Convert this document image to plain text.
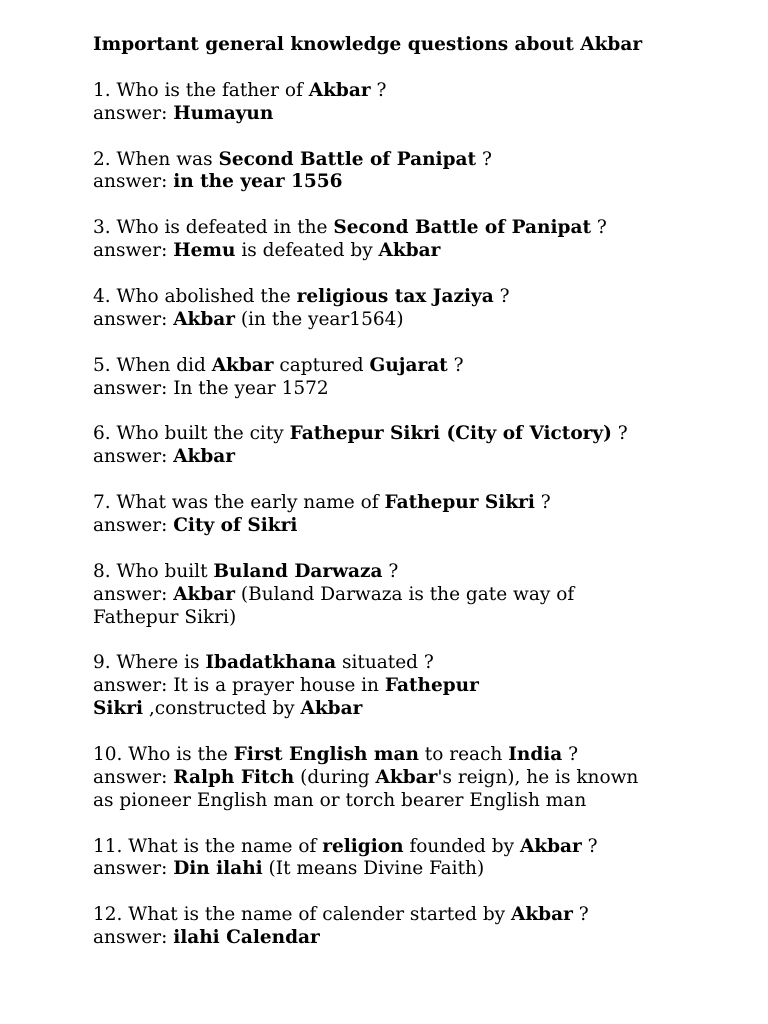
Important general knowledge questions about Akbar
1. Who is the father of Akbar ?
answer: Humayun
2. When was Second Battle of Panipat ?
answer: in the year 1556
3. Who is defeated in the Second Battle of Panipat ?
answer: Hemu is defeated by Akbar
4. Who abolished the religious tax Jaziya ?
answer: Akbar (in the year1564)
5. When did Akbar captured Gujarat ?
answer: In the year 1572
6. Who built the city Fathepur Sikri (City of Victory) ?
answer: Akbar
7. What was the early name of Fathepur Sikri ?
answer: City of Sikri
8. Who built Buland Darwaza ?
answer: Akbar (Buland Darwaza is the gate way of
Fathepur Sikri)
9. Where is Ibadatkhana situated ?
answer: It is a prayer house in Fathepur
Sikri ,constructed by Akbar
10. Who is the First English man to reach India ?
answer: Ralph Fitch (during Akbar's reign), he is known
as pioneer English man or torch bearer English man
11. What is the name of religion founded by Akbar ?
answer: Din ilahi (It means Divine Faith)
12. What is the name of calender started by Akbar ?
answer: ilahi Calendar
